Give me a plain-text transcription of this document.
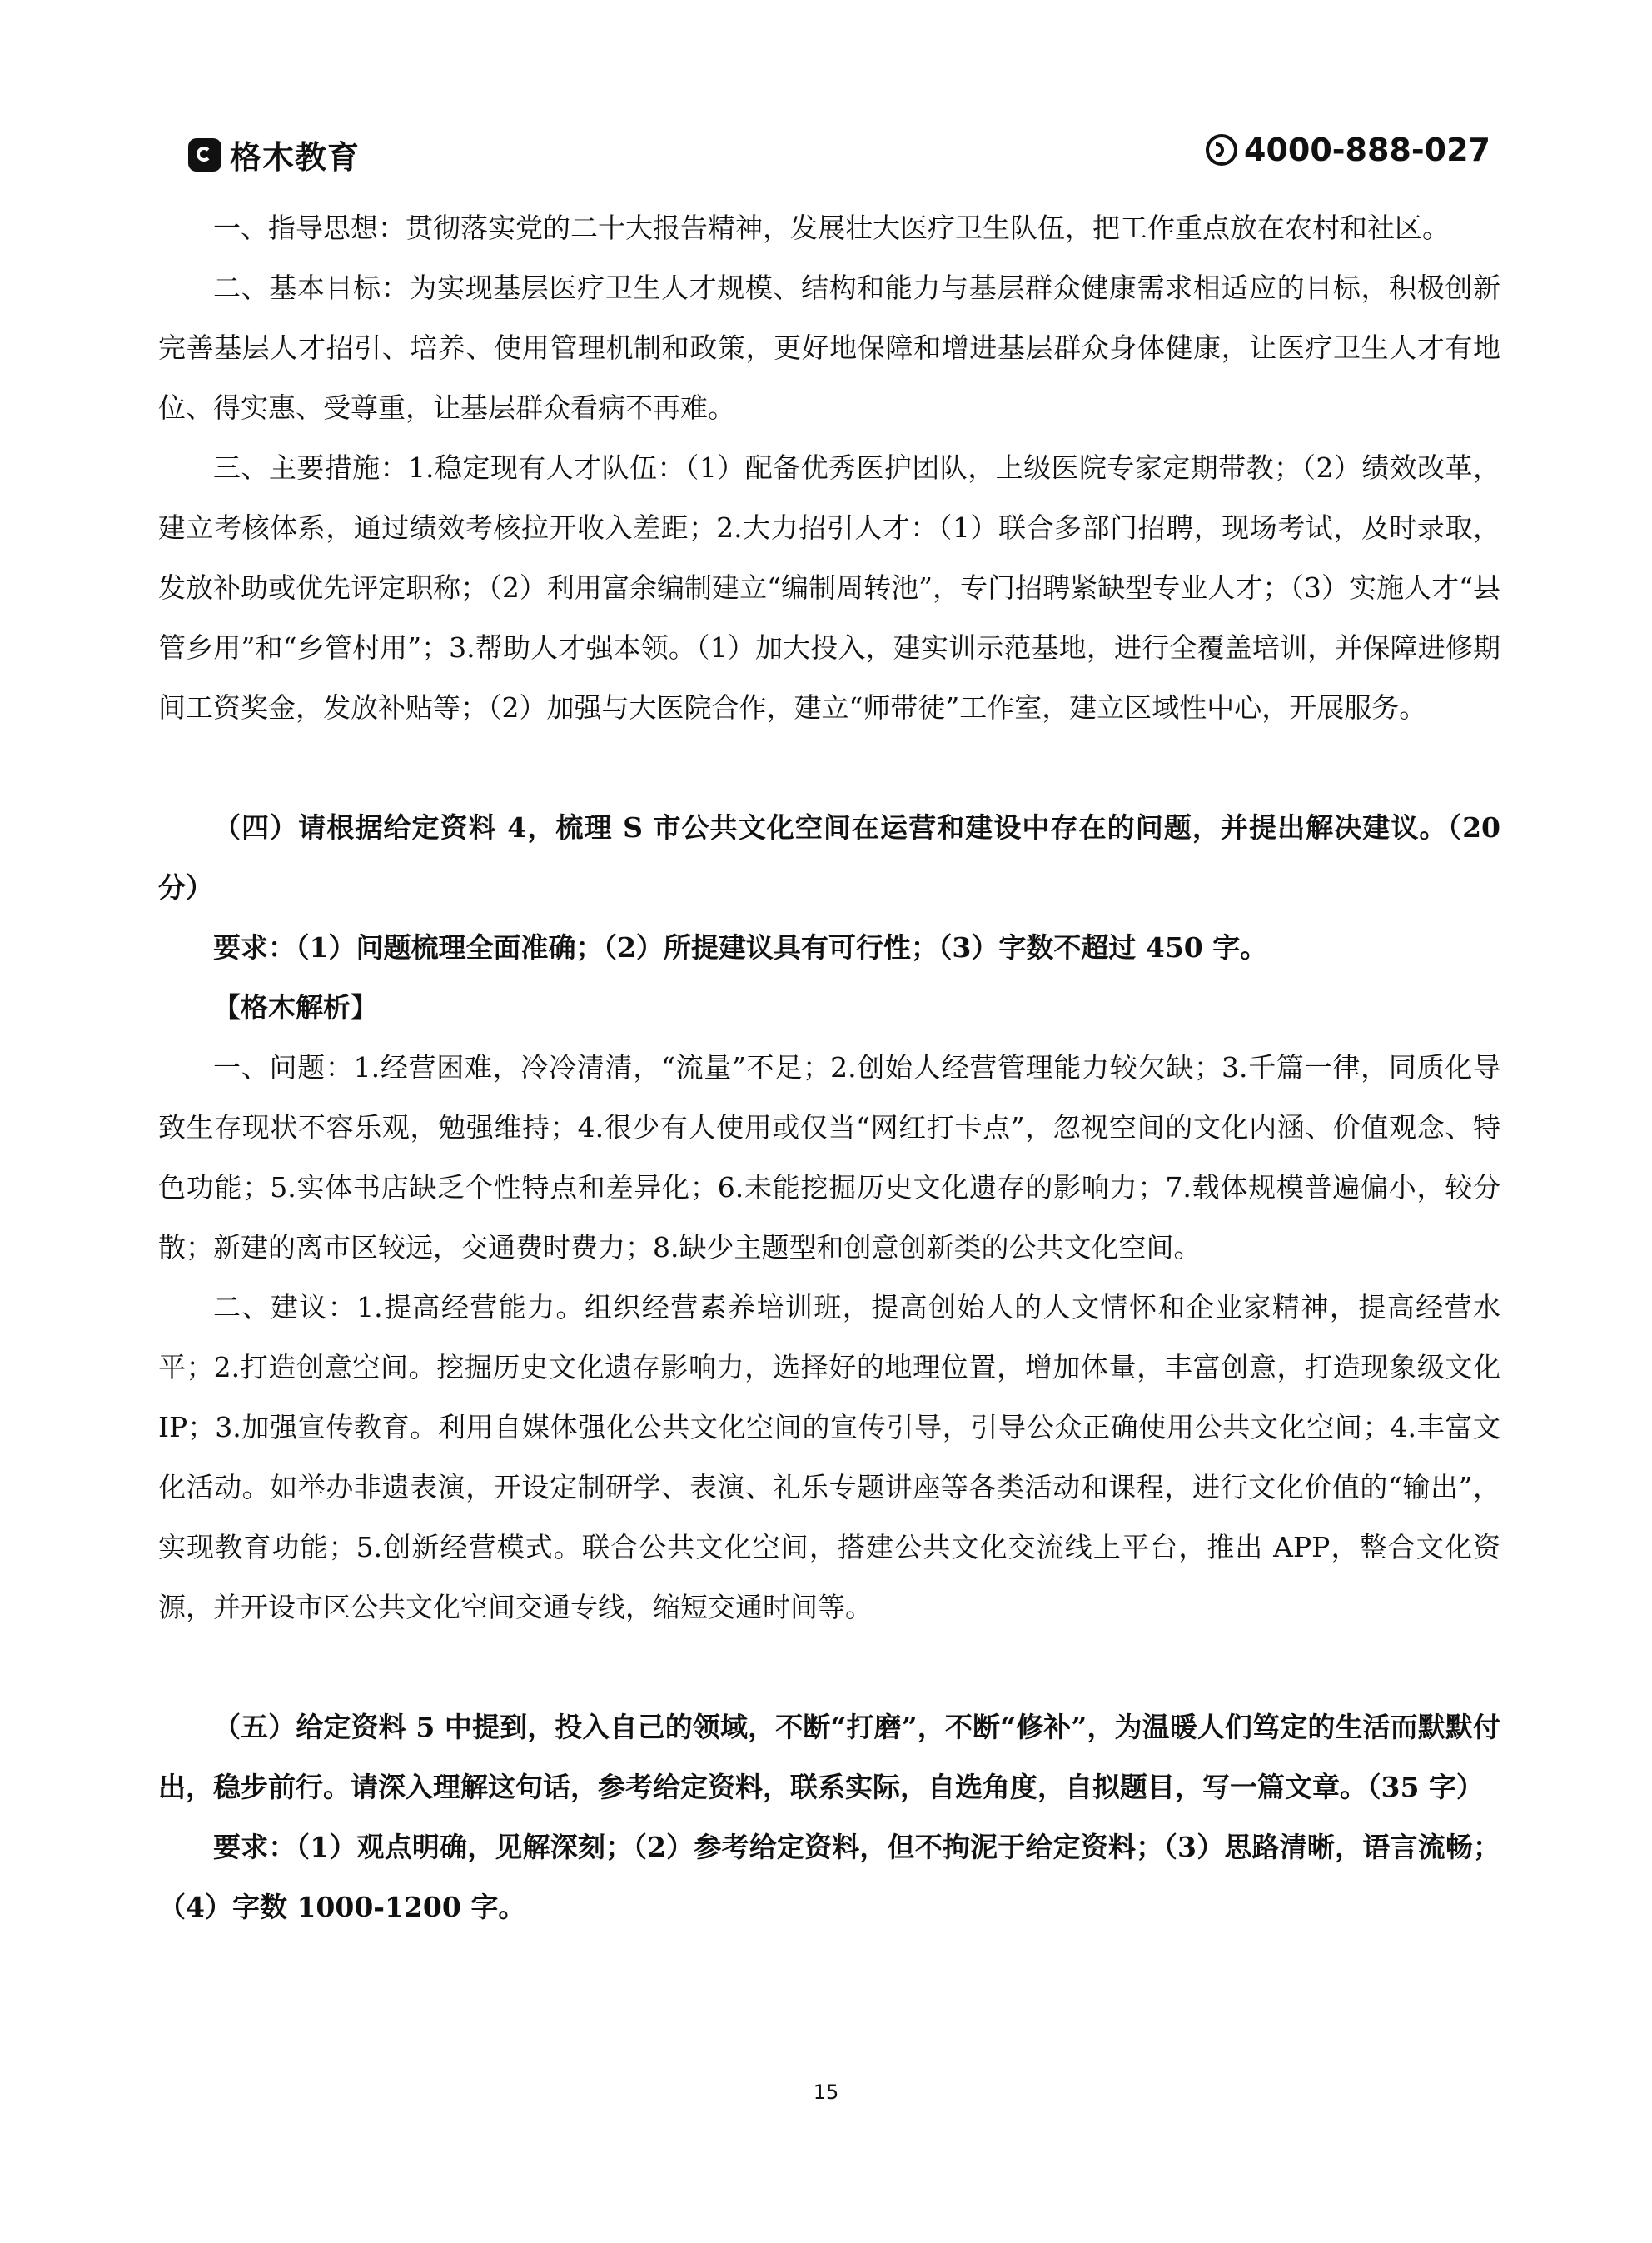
格木教育	4000-888-027

一、指导思想：贯彻落实党的二十大报告精神，发展壮大医疗卫生队伍，把工作重点放在农村和社区。

二、基本目标：为实现基层医疗卫生人才规模、结构和能力与基层群众健康需求相适应的目标，积极创新完善基层人才招引、培养、使用管理机制和政策，更好地保障和增进基层群众身体健康，让医疗卫生人才有地位、得实惠、受尊重，让基层群众看病不再难。

三、主要措施：1.稳定现有人才队伍：（1）配备优秀医护团队，上级医院专家定期带教；（2）绩效改革，建立考核体系，通过绩效考核拉开收入差距；2.大力招引人才：（1）联合多部门招聘，现场考试，及时录取，发放补助或优先评定职称；（2）利用富余编制建立“编制周转池”，专门招聘紧缺型专业人才；（3）实施人才“县管乡用”和“乡管村用”；3.帮助人才强本领。（1）加大投入，建实训示范基地，进行全覆盖培训，并保障进修期间工资奖金，发放补贴等；（2）加强与大医院合作，建立“师带徒”工作室，建立区域性中心，开展服务。

（四）请根据给定资料 4，梳理 S 市公共文化空间在运营和建设中存在的问题，并提出解决建议。（20 分）

要求：（1）问题梳理全面准确；（2）所提建议具有可行性；（3）字数不超过 450 字。

【格木解析】

一、问题：1.经营困难，冷冷清清，“流量”不足；2.创始人经营管理能力较欠缺；3.千篇一律，同质化导致生存现状不容乐观，勉强维持；4.很少有人使用或仅当“网红打卡点”，忽视空间的文化内涵、价值观念、特色功能；5.实体书店缺乏个性特点和差异化；6.未能挖掘历史文化遗存的影响力；7.载体规模普遍偏小，较分散；新建的离市区较远，交通费时费力；8.缺少主题型和创意创新类的公共文化空间。

二、建议：1.提高经营能力。组织经营素养培训班，提高创始人的人文情怀和企业家精神，提高经营水平；2.打造创意空间。挖掘历史文化遗存影响力，选择好的地理位置，增加体量，丰富创意，打造现象级文化 IP；3.加强宣传教育。利用自媒体强化公共文化空间的宣传引导，引导公众正确使用公共文化空间；4.丰富文化活动。如举办非遗表演，开设定制研学、表演、礼乐专题讲座等各类活动和课程，进行文化价值的“输出”，实现教育功能；5.创新经营模式。联合公共文化空间，搭建公共文化交流线上平台，推出 APP，整合文化资源，并开设市区公共文化空间交通专线，缩短交通时间等。

（五）给定资料 5 中提到，投入自己的领域，不断“打磨”，不断“修补”，为温暖人们笃定的生活而默默付出，稳步前行。请深入理解这句话，参考给定资料，联系实际，自选角度，自拟题目，写一篇文章。（35 字）

要求：（1）观点明确，见解深刻；（2）参考给定资料，但不拘泥于给定资料；（3）思路清晰，语言流畅；（4）字数 1000-1200 字。

15
